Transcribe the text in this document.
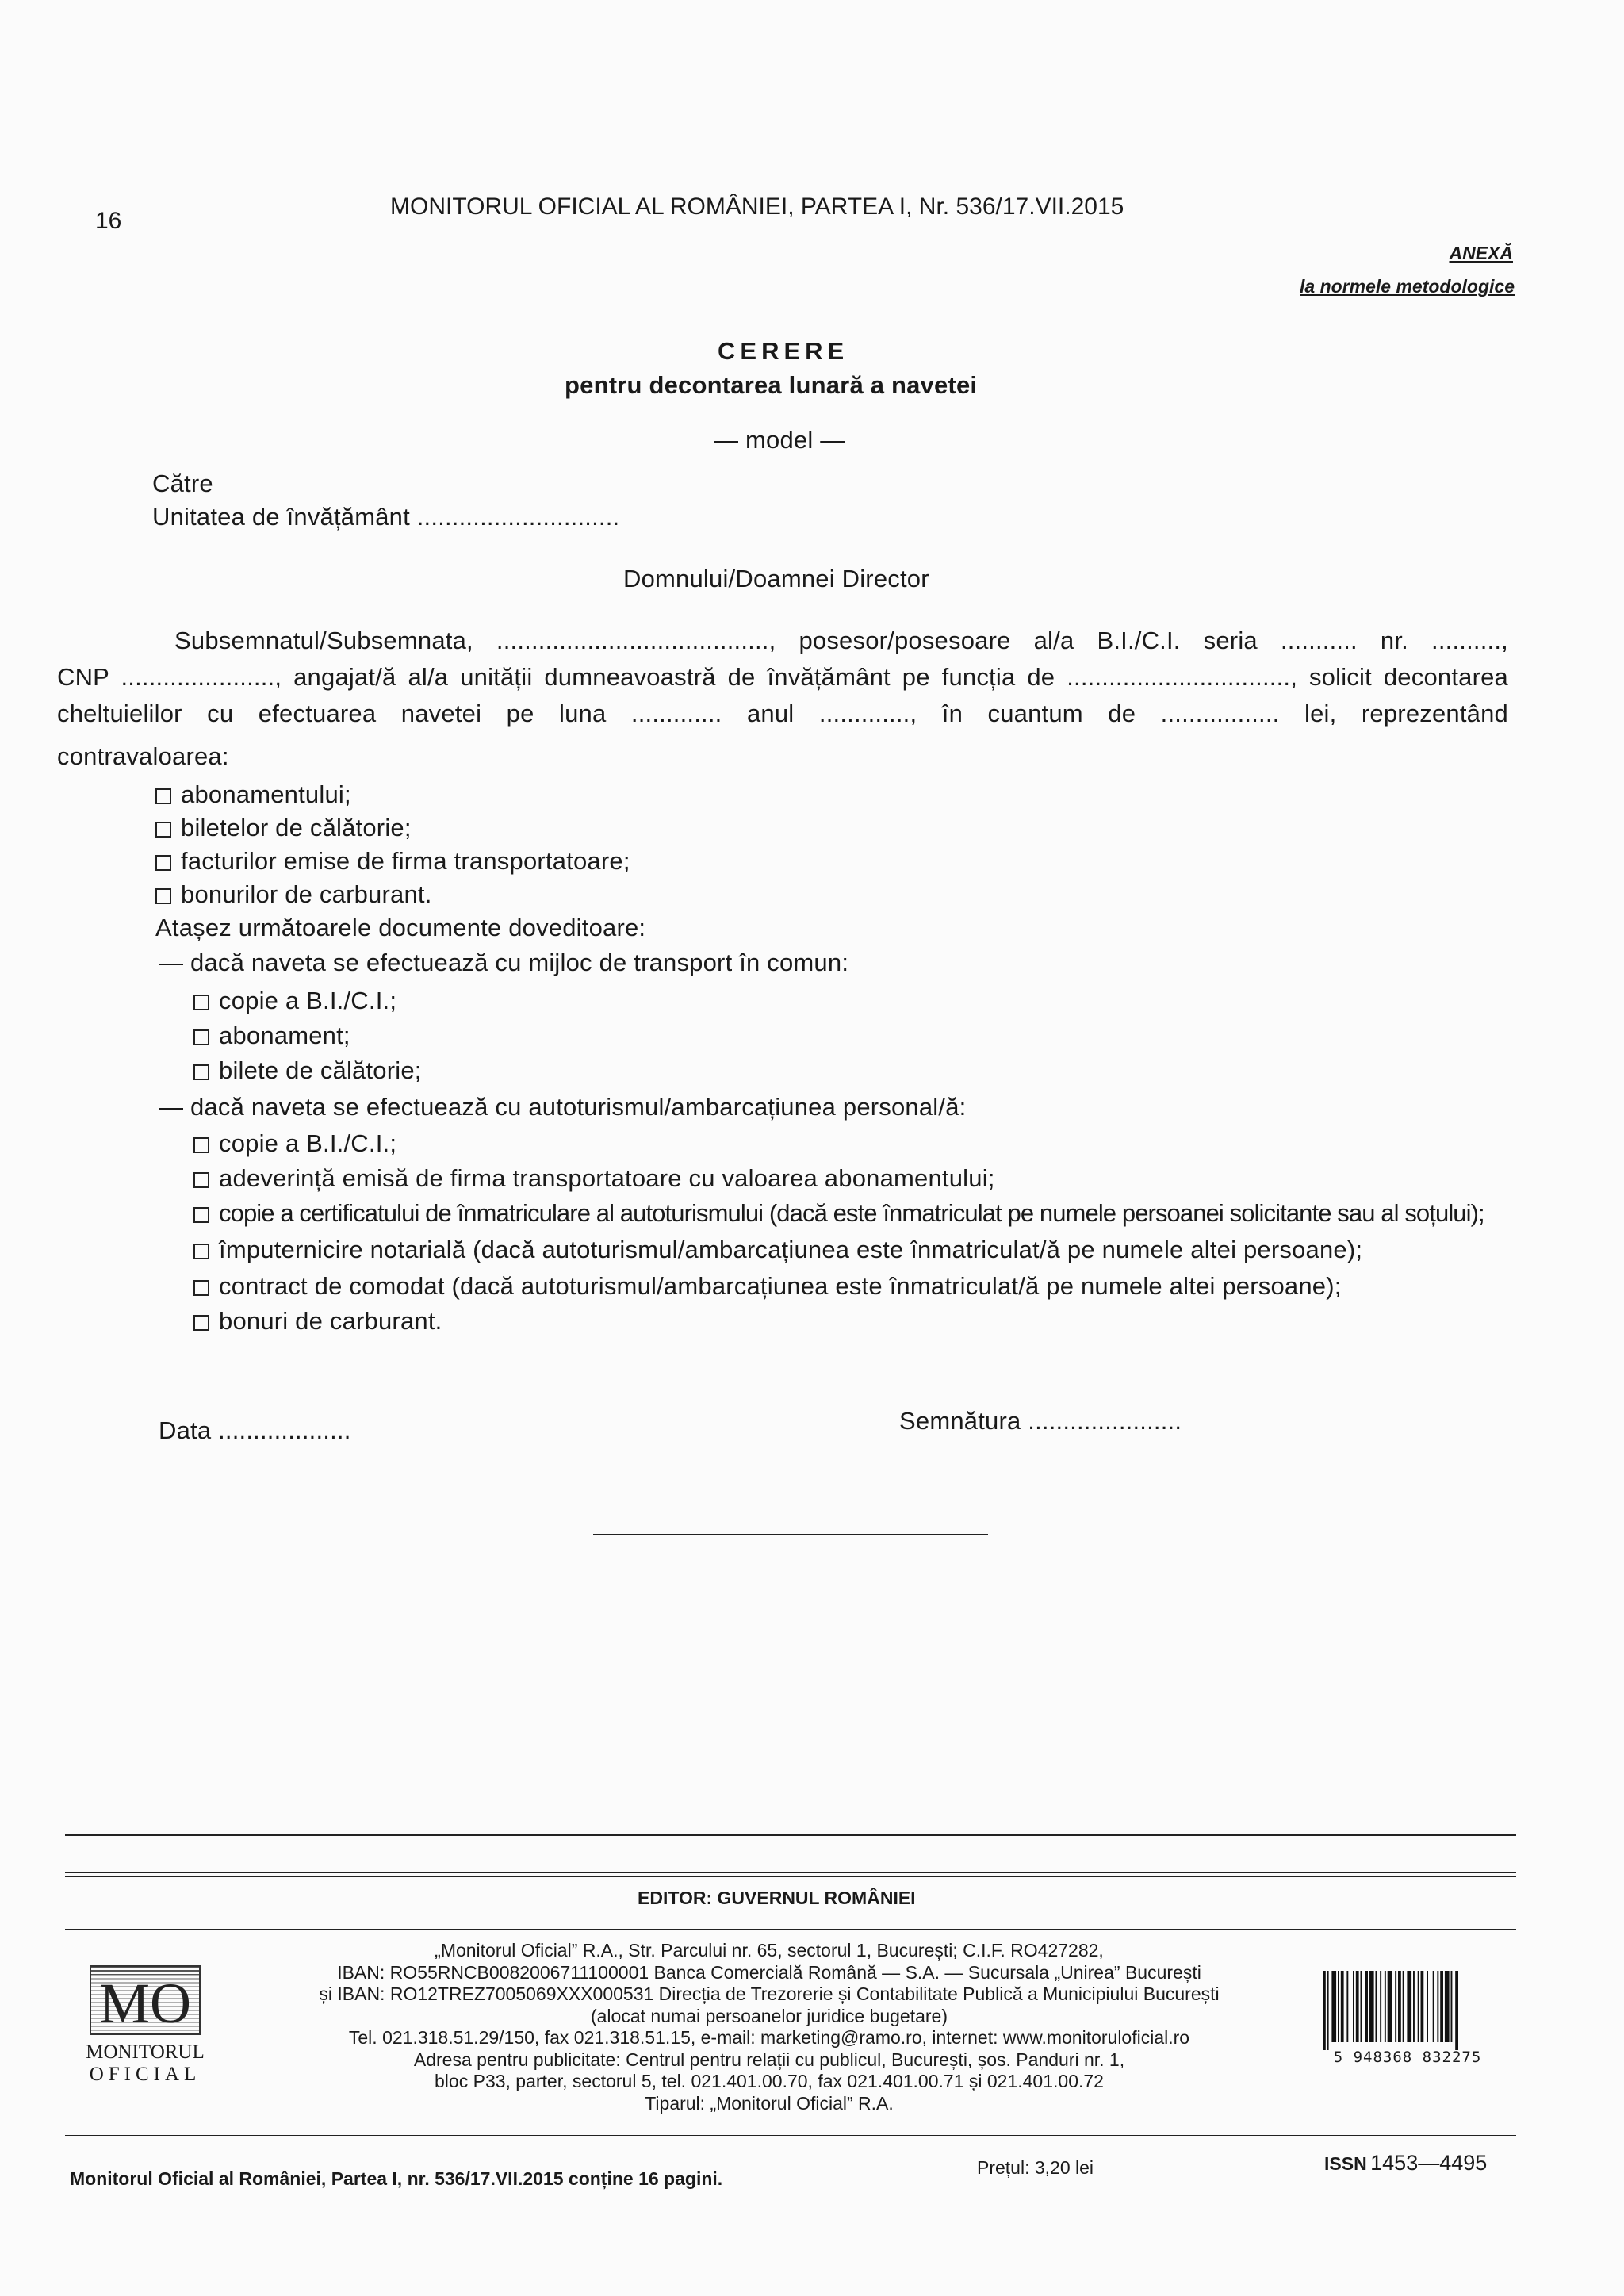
16
MONITORUL OFICIAL AL ROMÂNIEI, PARTEA I, Nr. 536/17.VII.2015
ANEXĂ
la normele metodologice
CERERE
pentru decontarea lunară a navetei
— model —
Către
Unitatea de învățământ .............................
Domnului/Doamnei Director
Subsemnatul/Subsemnata, ......................................., posesor/posesoare al/a B.I./C.I. seria ........... nr. ..........,
CNP ......................, angajat/ă al/a unității dumneavoastră de învățământ pe funcția de ................................, solicit decontarea
cheltuielilor cu efectuarea navetei pe luna ............. anul ............., în cuantum de ................. lei, reprezentând
contravaloarea:
abonamentului;
biletelor de călătorie;
facturilor emise de firma transportatoare;
bonurilor de carburant.
Atașez următoarele documente doveditoare:
— dacă naveta se efectuează cu mijloc de transport în comun:
copie a B.I./C.I.;
abonament;
bilete de călătorie;
— dacă naveta se efectuează cu autoturismul/ambarcațiunea personal/ă:
copie a B.I./C.I.;
adeverință emisă de firma transportatoare cu valoarea abonamentului;
copie a certificatului de înmatriculare al autoturismului (dacă este înmatriculat pe numele persoanei solicitante sau al soțului);
împuternicire notarială (dacă autoturismul/ambarcațiunea este înmatriculat/ă pe numele altei persoane);
contract de comodat (dacă autoturismul/ambarcațiunea este înmatriculat/ă pe numele altei persoane);
bonuri de carburant.
Data ...................	Semnătura ......................
EDITOR: GUVERNUL ROMÂNIEI
„Monitorul Oficial” R.A., Str. Parcului nr. 65, sectorul 1, București; C.I.F. RO427282,
IBAN: RO55RNCB0082006711100001 Banca Comercială Română — S.A. — Sucursala „Unirea” București
și IBAN: RO12TREZ7005069XXX000531 Direcția de Trezorerie și Contabilitate Publică a Municipiului București
(alocat numai persoanelor juridice bugetare)
Tel. 021.318.51.29/150, fax 021.318.51.15, e-mail: marketing@ramo.ro, internet: www.monitoruloficial.ro
Adresa pentru publicitate: Centrul pentru relații cu publicul, București, șos. Panduri nr. 1,
bloc P33, parter, sectorul 5, tel. 021.401.00.70, fax 021.401.00.71 și 021.401.00.72
Tiparul: „Monitorul Oficial” R.A.
MO
MONITORUL
OFICIAL
5 948368 832275
Monitorul Oficial al României, Partea I, nr. 536/17.VII.2015 conține 16 pagini.
Prețul: 3,20 lei	ISSN 1453—4495
